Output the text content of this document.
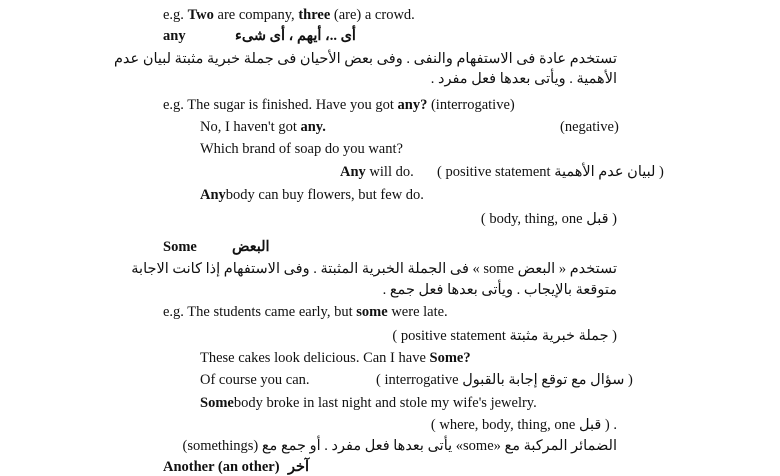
e.g. Two are company, three (are) a crowd.
any	أى ..، أيهم ، أى شىء
تستخدم عادة فى الاستفهام والنفى . وفى بعض الأحيان فى جملة خبرية مثبتة لبيان عدم
الأهمية . ويأتى بعدها فعل مفرد .
e.g. The sugar is finished. Have you got any? (interrogative)
No, I haven't got any.	(negative)
Which brand of soap do you want?
Any will do. ( لبيان عدم الأهمية positive statement )
Anybody can buy flowers, but few do.
( قبل body, thing, one )
Some البعض
تستخدم « البعض some » فى الجملة الخبرية المثبتة . وفى الاستفهام إذا كانت الاجابة
متوقعة بالإيجاب . ويأتى بعدها فعل جمع .
e.g. The students came early, but some were late.
( جملة خبرية مثبتة positive statement )
These cakes look delicious. Can I have Some?
Of course you can.	( سؤال مع توقع إجابة بالقبول interrogative )
Somebody broke in last night and stole my wife's jewelry.
. ( قبل where, body, thing, one )
الضمائر المركبة مع «some» يأتى بعدها فعل مفرد . أو جمع مع (somethings)
Another (an other) آخر
